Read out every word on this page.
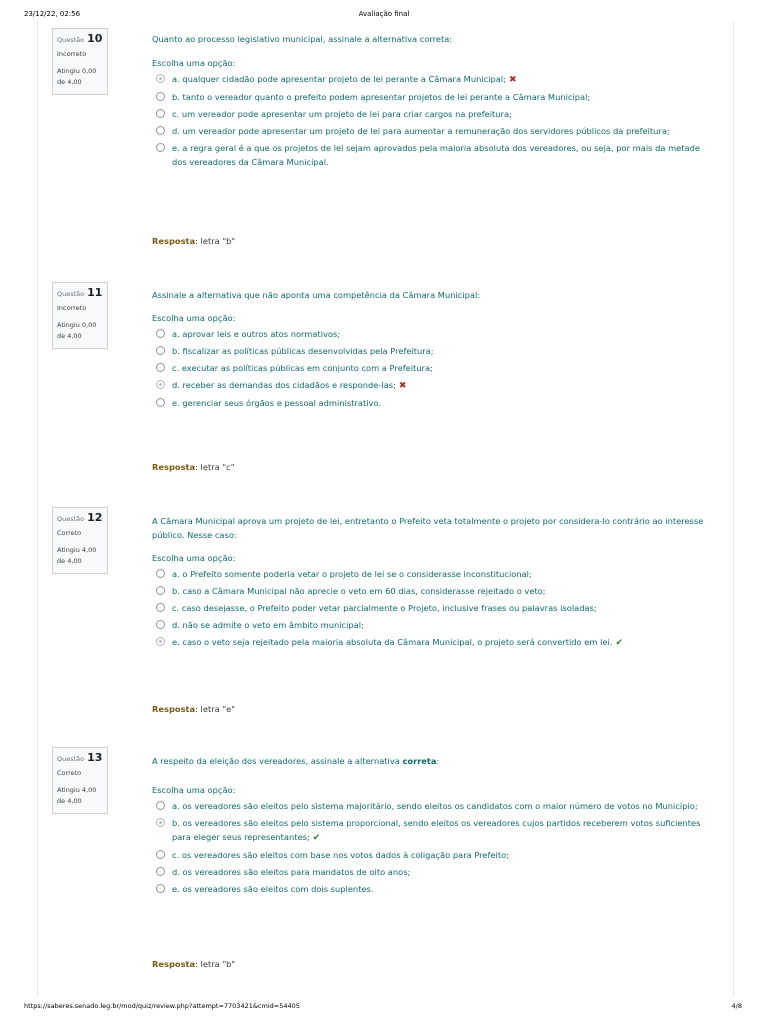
23/12/22, 02:56	Avaliação final
Questão 10
Incorreto
Atingiu 0,00 de 4,00
Quanto ao processo legislativo municipal, assinale a alternativa correta:
Escolha uma opção:
a. qualquer cidadão pode apresentar projeto de lei perante a Câmara Municipal; ✖
b. tanto o vereador quanto o prefeito podem apresentar projetos de lei perante a Câmara Municipal;
c. um vereador pode apresentar um projeto de lei para criar cargos na prefeitura;
d. um vereador pode apresentar um projeto de lei para aumentar a remuneração dos servidores públicos da prefeitura;
e. a regra geral é a que os projetos de lei sejam aprovados pela maioria absoluta dos vereadores, ou seja, por mais da metade dos vereadores da Câmara Municipal.
Resposta: letra "b"
Questão 11
Incorreto
Atingiu 0,00 de 4,00
Assinale a alternativa que não aponta uma competência da Câmara Municipal:
Escolha uma opção:
a. aprovar leis e outros atos normativos;
b. fiscalizar as políticas públicas desenvolvidas pela Prefeitura;
c. executar as políticas públicas em conjunto com a Prefeitura;
d. receber as demandas dos cidadãos e responde-las; ✖
e. gerenciar seus órgãos e pessoal administrativo.
Resposta: letra "c"
Questão 12
Correto
Atingiu 4,00 de 4,00
A Câmara Municipal aprova um projeto de lei, entretanto o Prefeito veta totalmente o projeto por considera-lo contrário ao interesse público. Nesse caso:
Escolha uma opção:
a. o Prefeito somente poderia vetar o projeto de lei se o considerasse inconstitucional;
b. caso a Câmara Municipal não aprecie o veto em 60 dias, considerasse rejeitado o veto;
c. caso desejasse, o Prefeito poder vetar parcialmente o Projeto, inclusive frases ou palavras isoladas;
d. não se admite o veto em âmbito municipal;
e. caso o veto seja rejeitado pela maioria absoluta da Câmara Municipal, o projeto será convertido em lei. ✔
Resposta: letra "e"
Questão 13
Correto
Atingiu 4,00 de 4,00
A respeito da eleição dos vereadores, assinale a alternativa correta:
Escolha uma opção:
a. os vereadores são eleitos pelo sistema majoritário, sendo eleitos os candidatos com o maior número de votos no Município;
b. os vereadores são eleitos pelo sistema proporcional, sendo eleitos os vereadores cujos partidos receberem votos suficientes para eleger seus representantes; ✔
c. os vereadores são eleitos com base nos votos dados à coligação para Prefeito;
d. os vereadores são eleitos para mandatos de oito anos;
e. os vereadores são eleitos com dois suplentes.
Resposta: letra "b"
https://saberes.senado.leg.br/mod/quiz/review.php?attempt=7703421&cmid=54405	4/8
